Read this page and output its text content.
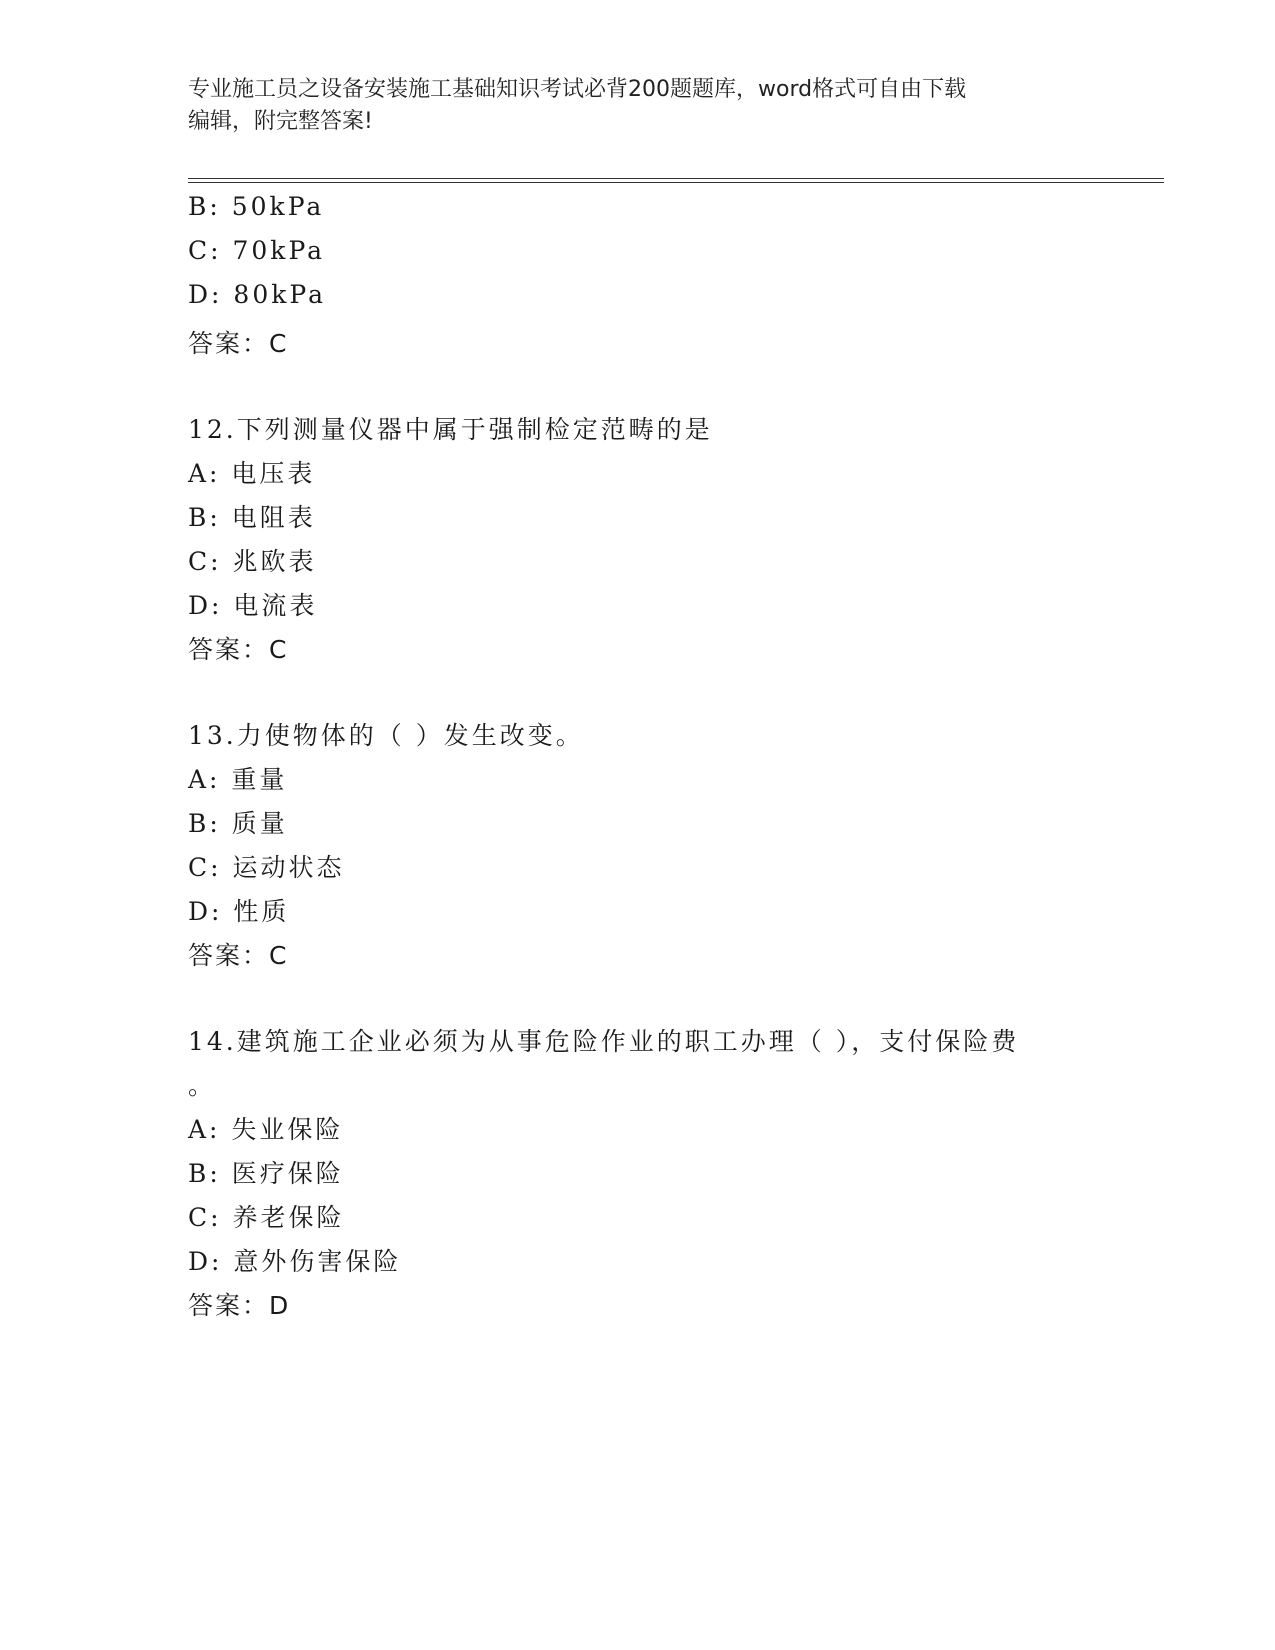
专业施工员之设备安装施工基础知识考试必背200题题库，word格式可自由下载
编辑，附完整答案!
B: 50kPa
C: 70kPa
D: 80kPa
答案：C
12.下列测量仪器中属于强制检定范畴的是
A: 电压表
B: 电阻表
C: 兆欧表
D: 电流表
答案：C
13.力使物体的（ ）发生改变。
A: 重量
B: 质量
C: 运动状态
D: 性质
答案：C
14.建筑施工企业必须为从事危险作业的职工办理（ ），支付保险费
。
A: 失业保险
B: 医疗保险
C: 养老保险
D: 意外伤害保险
答案：D
